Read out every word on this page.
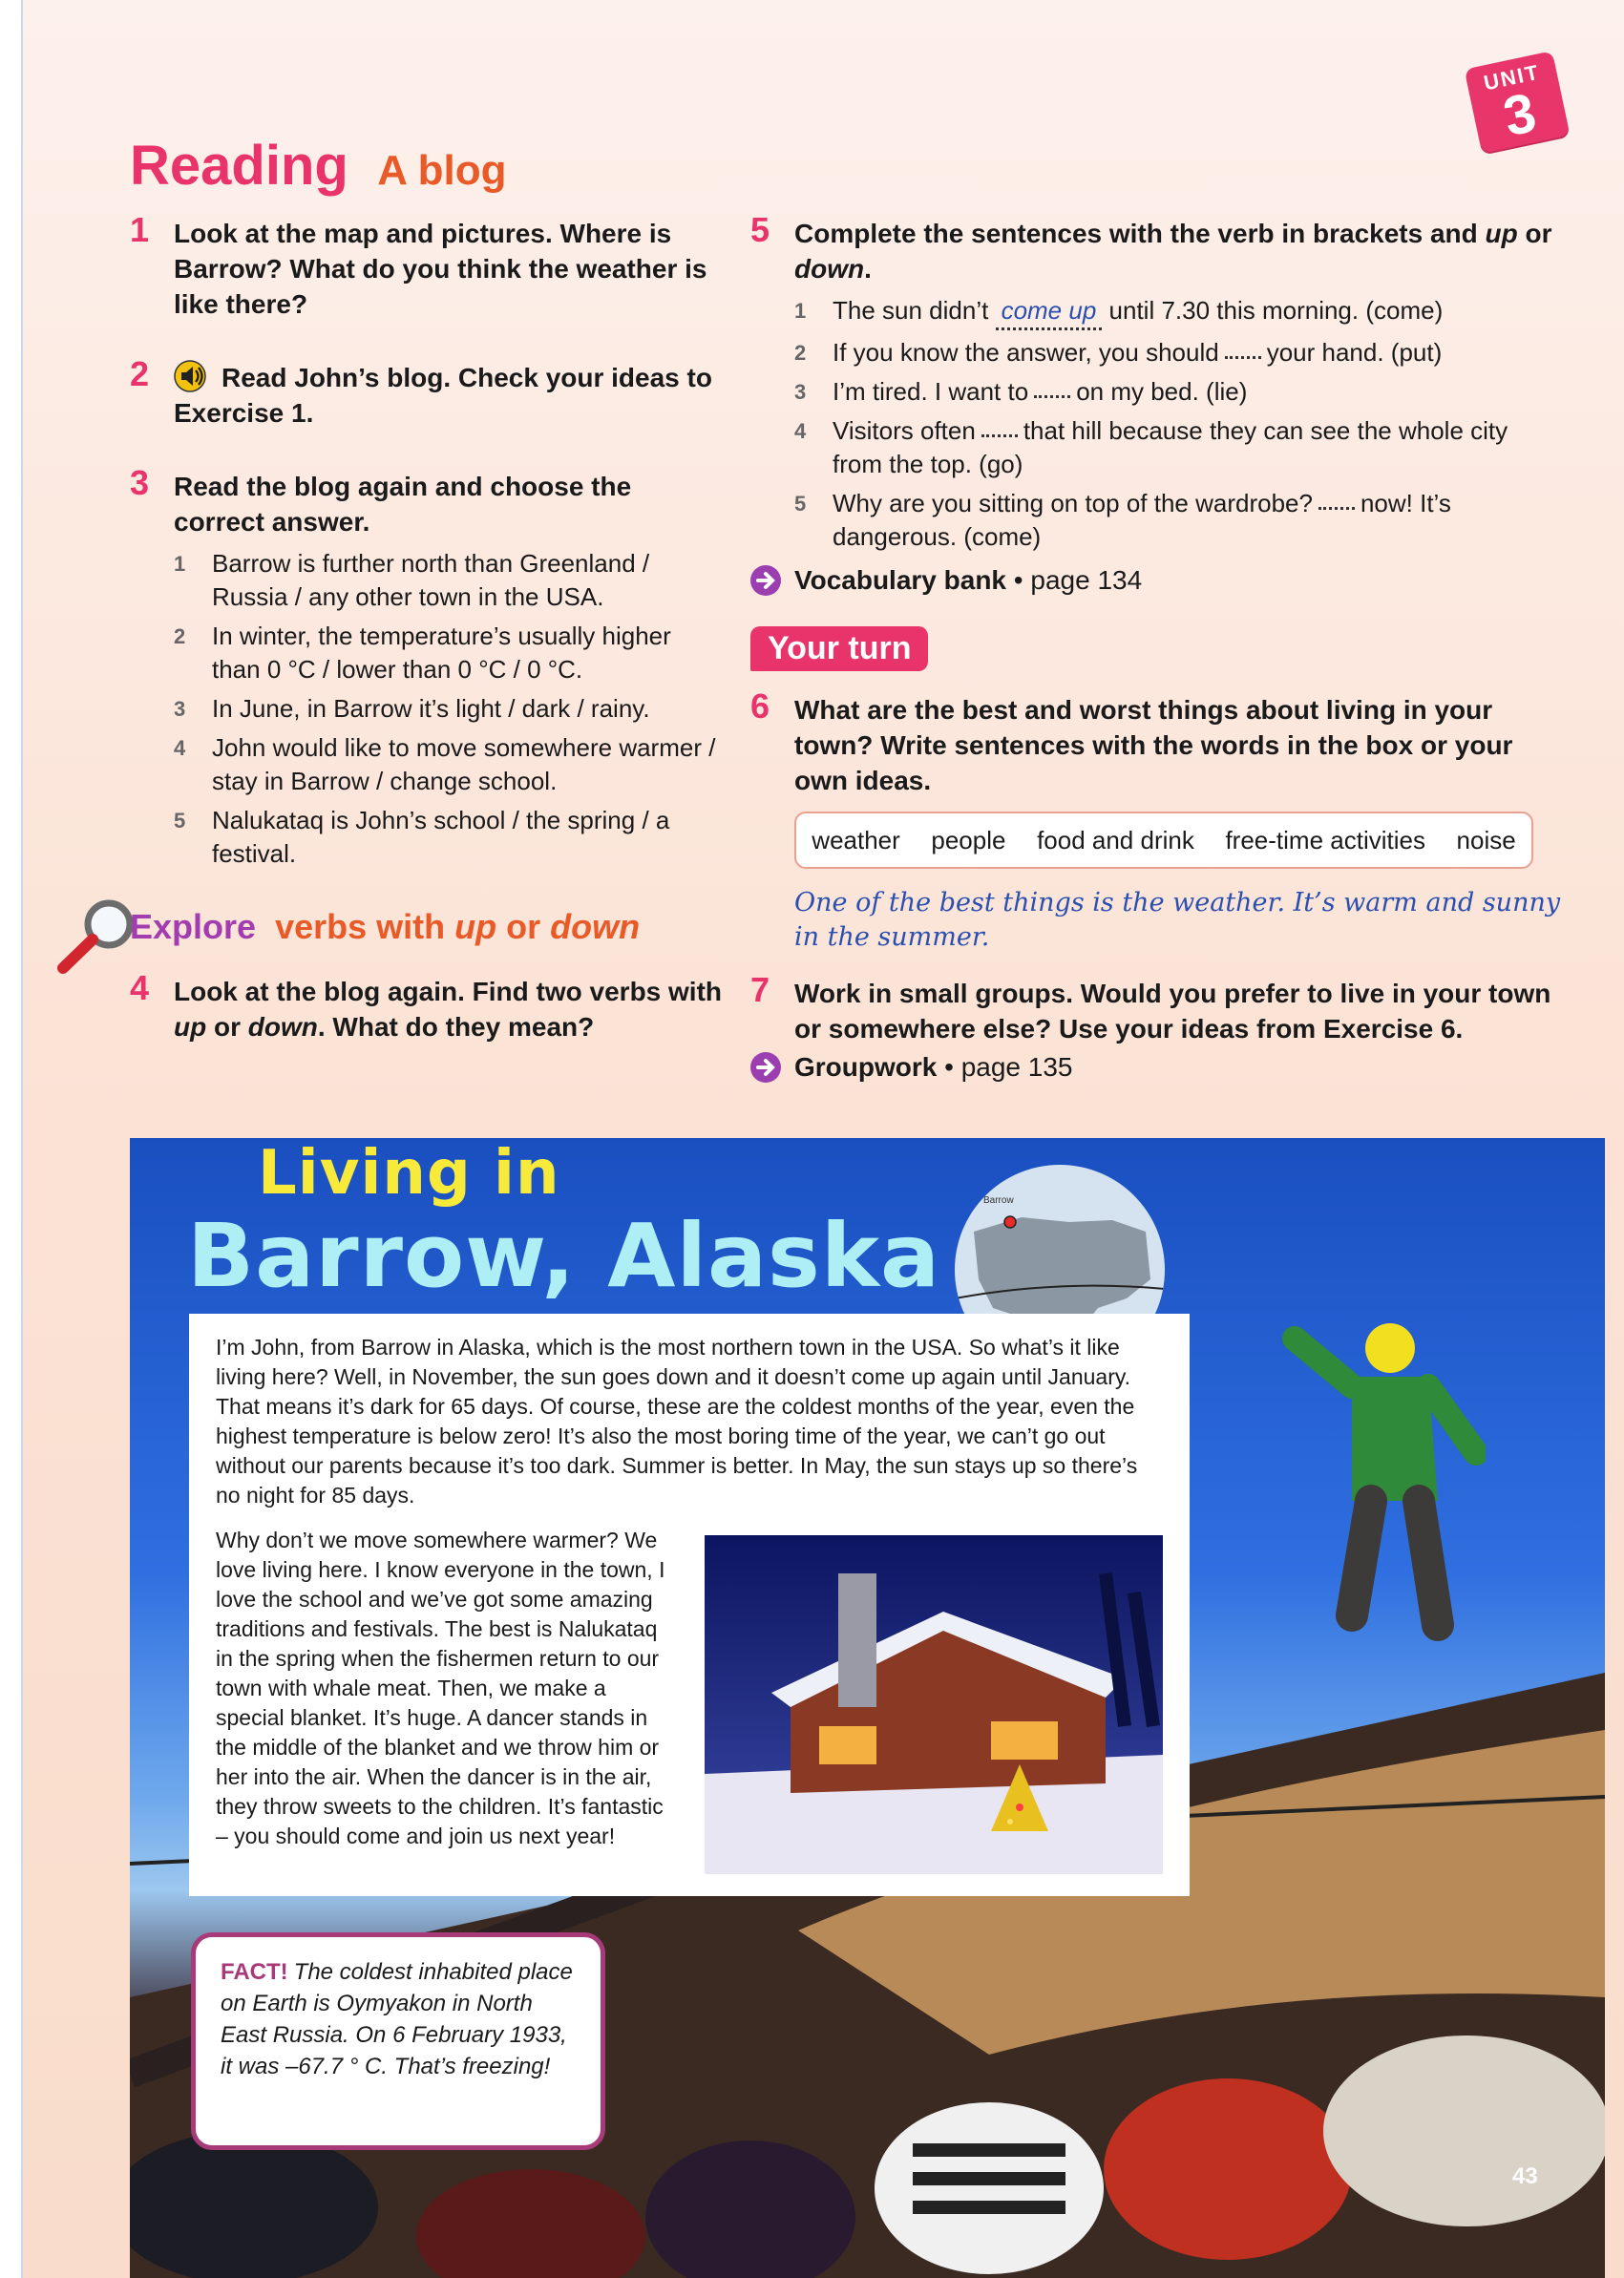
UNIT
3
Reading A blog
1 Look at the map and pictures. Where is Barrow? What do you think the weather is like there?
2	Read John’s blog. Check your ideas to Exercise 1.
3 Read the blog again and choose the correct answer.
1 Barrow is further north than Greenland / Russia / any other town in the USA.
2 In winter, the temperature’s usually higher than 0 °C / lower than 0 °C / 0 °C.
3 In June, in Barrow it’s light / dark / rainy.
4 John would like to move somewhere warmer / stay in Barrow / change school.
5 Nalukataq is John’s school / the spring / a festival.
Explore verbs with up or down
4 Look at the blog again. Find two verbs with up or down. What do they mean?
5 Complete the sentences with the verb in brackets and up or down.
1 The sun didn’t come up until 7.30 this morning. (come)
2 If you know the answer, you should your hand. (put)
3 I’m tired. I want to on my bed. (lie)
4 Visitors often that hill because they can see the whole city from the top. (go)
5 Why are you sitting on top of the wardrobe? now! It’s dangerous. (come)
Vocabulary bank • page 134
Your turn
6 What are the best and worst things about living in your town? Write sentences with the words in the box or your own ideas.
weather people food and drink free-time activities noise
One of the best things is the weather. It’s warm and sunny in the summer.
7 Work in small groups. Would you prefer to live in your town or somewhere else? Use your ideas from Exercise 6.
Groupwork • page 135
Living in
Barrow, Alaska
Barrow
I’m John, from Barrow in Alaska, which is the most northern town in the USA. So what’s it like living here? Well, in November, the sun goes down and it doesn’t come up again until January. That means it’s dark for 65 days. Of course, these are the coldest months of the year, even the highest temperature is below zero! It’s also the most boring time of the year, we can’t go out without our parents because it’s too dark. Summer is better. In May, the sun stays up so there’s no night for 85 days.
Why don’t we move somewhere warmer? We love living here. I know everyone in the town, I love the school and we’ve got some amazing traditions and festivals. The best is Nalukataq in the spring when the fishermen return to our town with whale meat. Then, we make a special blanket. It’s huge. A dancer stands in the middle of the blanket and we throw him or her into the air. When the dancer is in the air, they throw sweets to the children. It’s fantastic – you should come and join us next year!
FACT! The coldest inhabited place on Earth is Oymyakon in North East Russia. On 6 February 1933, it was –67.7 ° C. That’s freezing!
43
